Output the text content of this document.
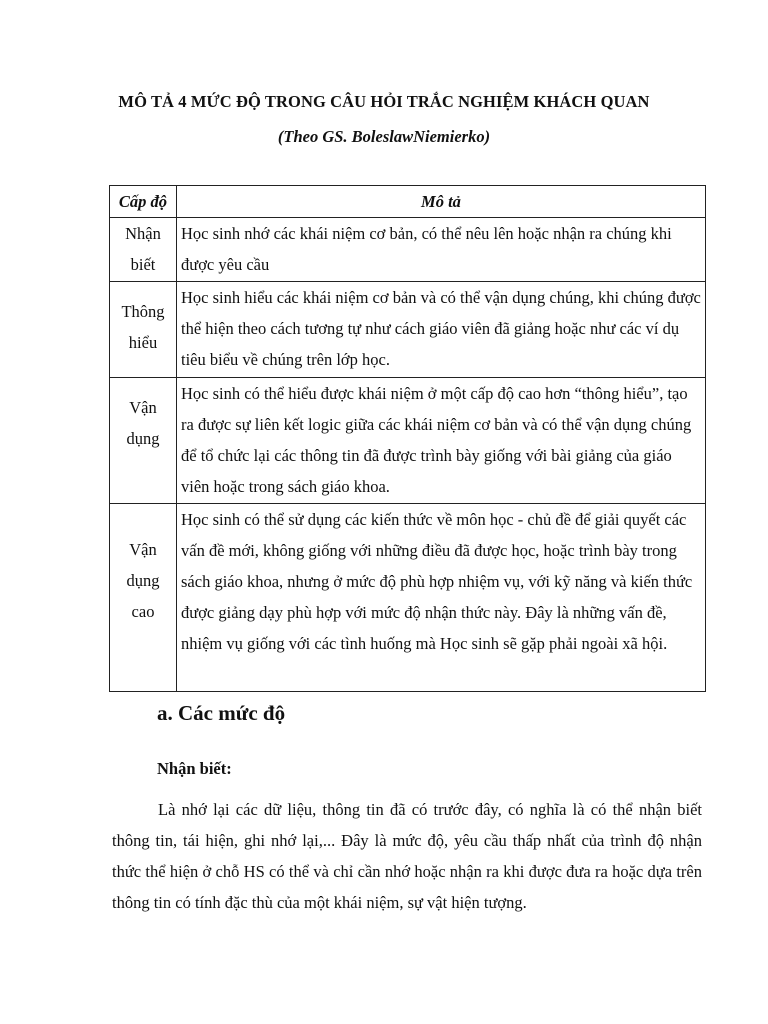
MÔ TẢ 4 MỨC ĐỘ TRONG CÂU HỎI TRẮC NGHIỆM KHÁCH QUAN
(Theo GS. BoleslawNiemierko)
Cấp độ	Mô tả
Nhận biết	Học sinh nhớ các khái niệm cơ bản, có thể nêu lên hoặc nhận ra chúng khi được yêu cầu
Thông hiểu	Học sinh hiểu các khái niệm cơ bản và có thể vận dụng chúng, khi chúng được thể hiện theo cách tương tự như cách giáo viên đã giảng hoặc như các ví dụ tiêu biểu về chúng trên lớp học.
Vận dụng	Học sinh có thể hiểu được khái niệm ở một cấp độ cao hơn “thông hiểu”, tạo ra được sự liên kết logic giữa các khái niệm cơ bản và có thể vận dụng chúng để tổ chức lại các thông tin đã được trình bày giống với bài giảng của giáo viên hoặc trong sách giáo khoa.
Vận dụng cao	Học sinh có thể sử dụng các kiến thức về môn học - chủ đề để giải quyết các vấn đề mới, không giống với những điều đã được học, hoặc trình bày trong sách giáo khoa, nhưng ở mức độ phù hợp nhiệm vụ, với kỹ năng và kiến thức được giảng dạy phù hợp với mức độ nhận thức này. Đây là những vấn đề, nhiệm vụ giống với các tình huống mà Học sinh sẽ gặp phải ngoài xã hội.
a. Các mức độ
Nhận biết:

Là nhớ lại các dữ liệu, thông tin đã có trước đây, có nghĩa là có thể nhận biết thông tin, tái hiện, ghi nhớ lại,... Đây là mức độ, yêu cầu thấp nhất của trình độ nhận thức thể hiện ở chỗ HS có thể và chỉ cần nhớ hoặc nhận ra khi được đưa ra hoặc dựa trên thông tin có tính đặc thù của một khái niệm, sự vật hiện tượng.
